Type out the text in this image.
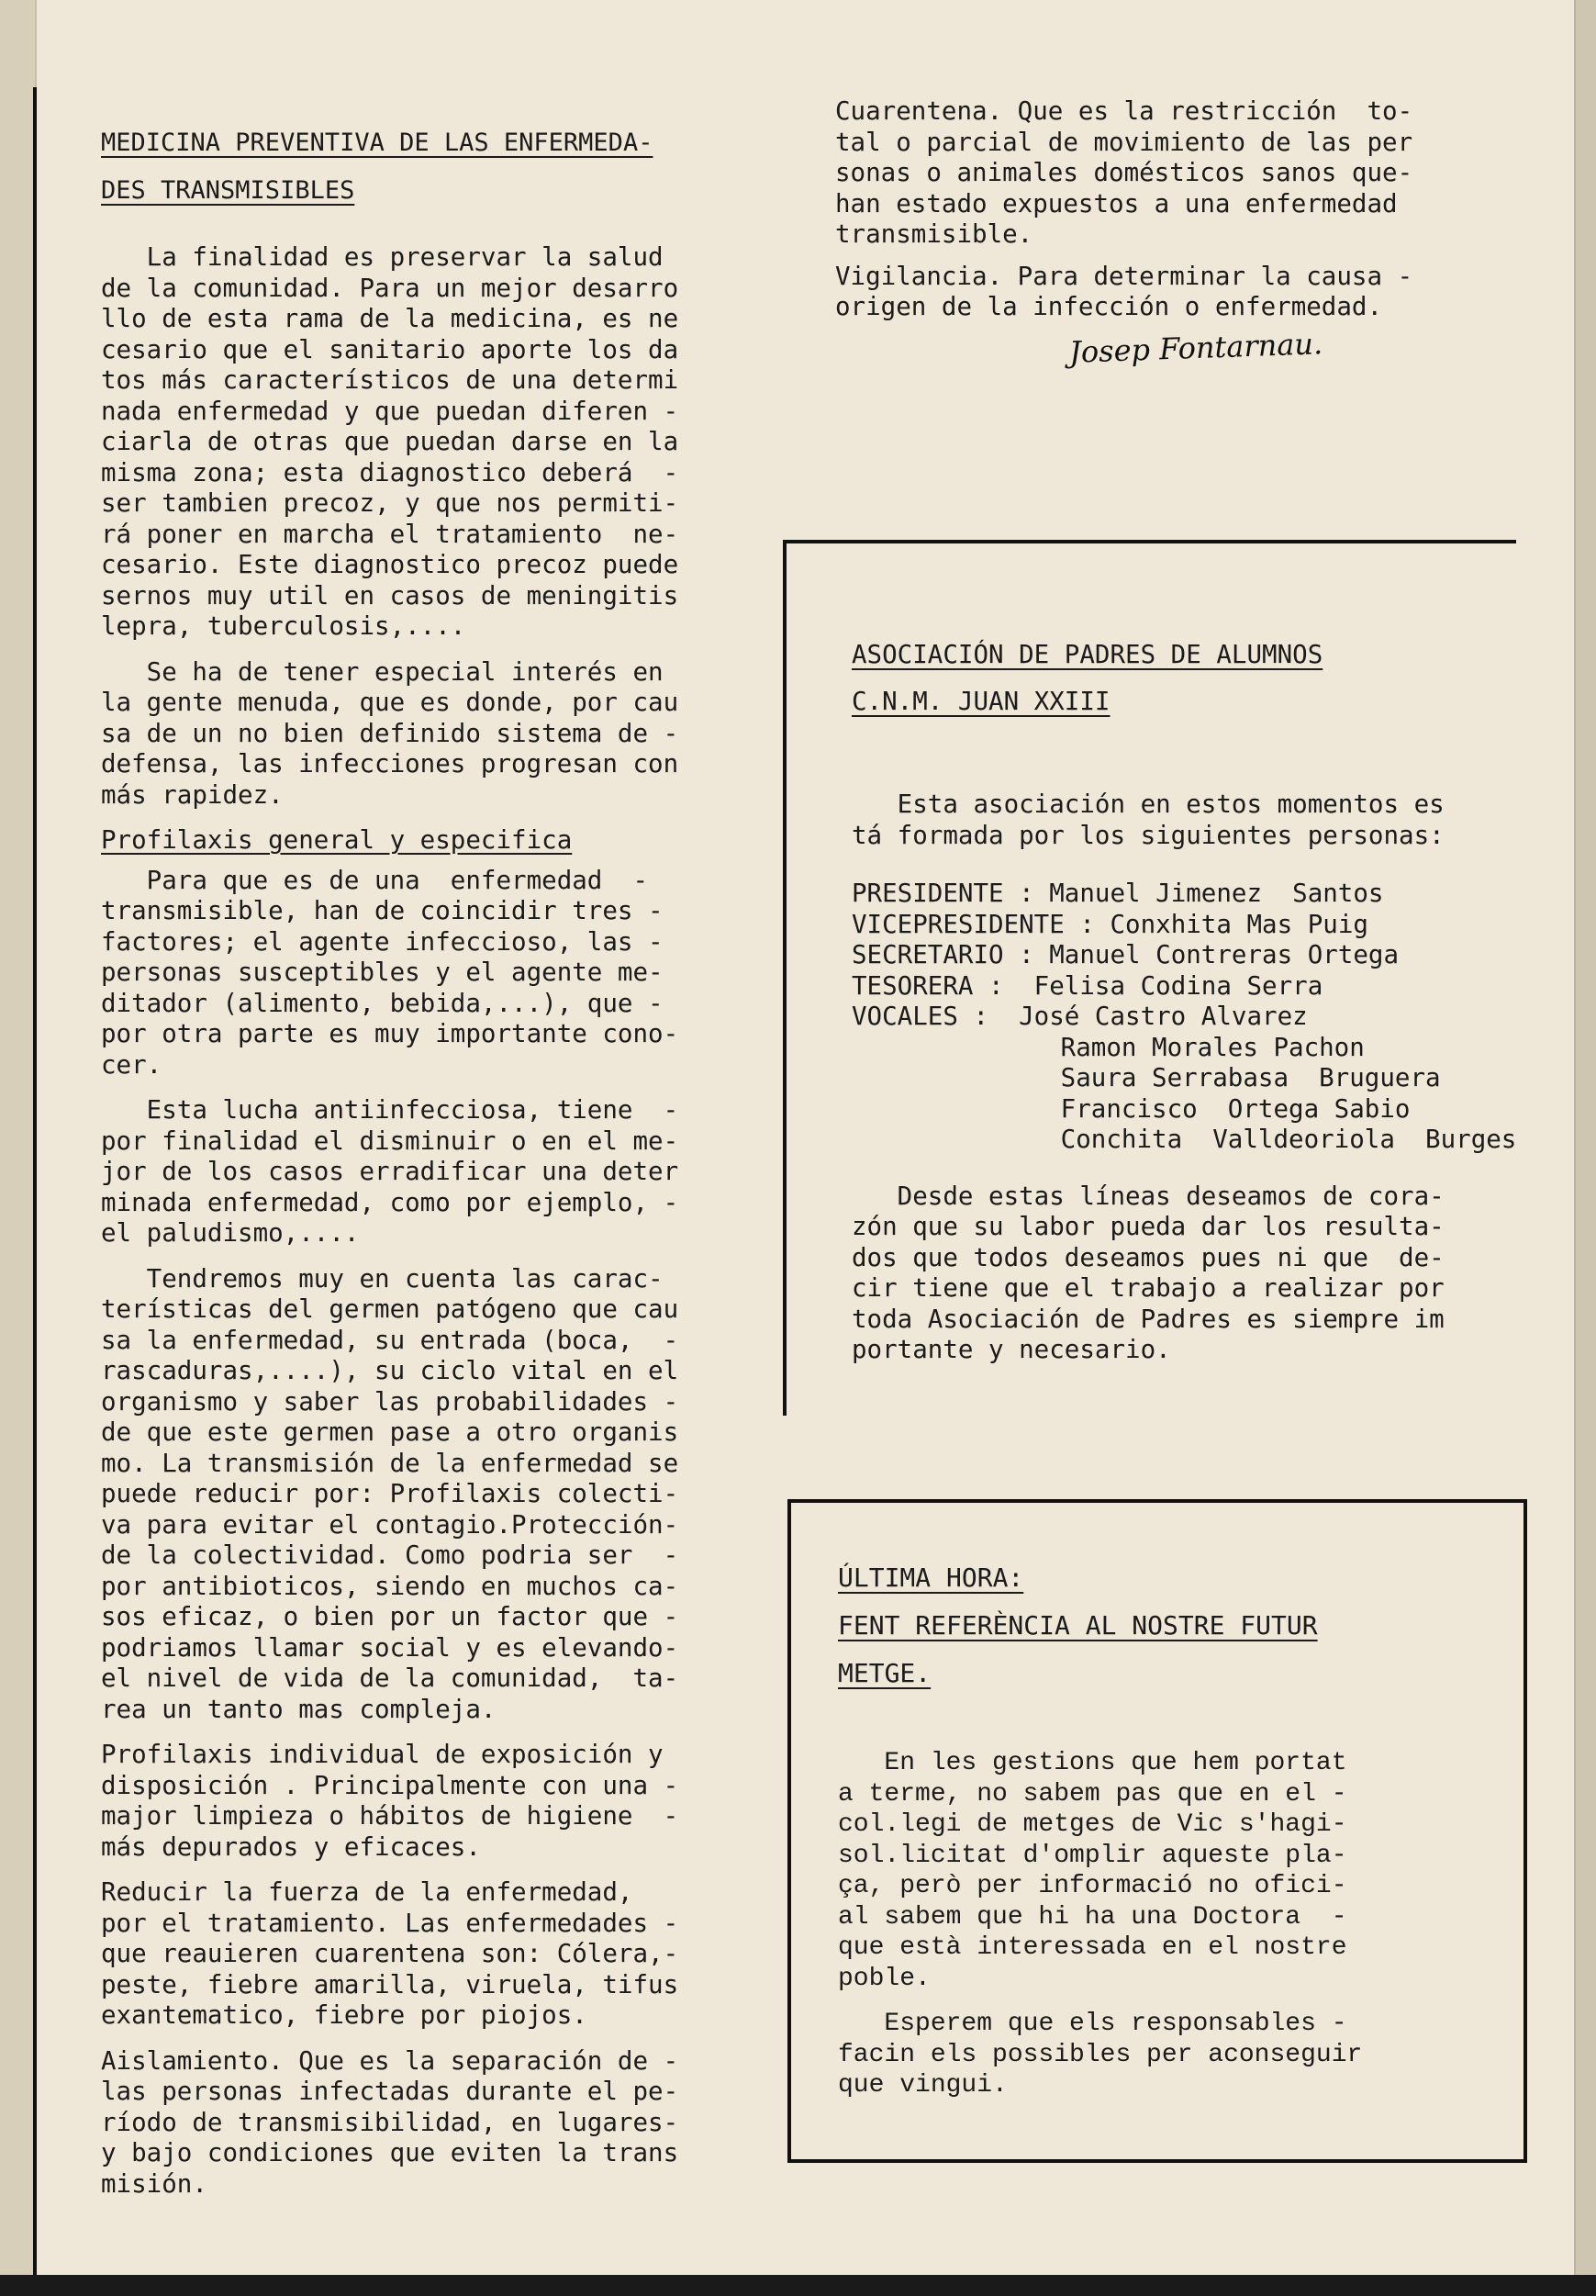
MEDICINA PREVENTIVA DE LAS ENFERMEDA-
DES TRANSMISIBLES

La finalidad es preservar la salud
de la comunidad. Para un mejor desarro
llo de esta rama de la medicina, es ne
cesario que el sanitario aporte los da
tos más característicos de una determi
nada enfermedad y que puedan diferen -
ciarla de otras que puedan darse en la
misma zona; esta diagnostico deberá  -
ser tambien precoz, y que nos permiti-
rá poner en marcha el tratamiento  ne-
cesario. Este diagnostico precoz puede
sernos muy util en casos de meningitis
lepra, tuberculosis,....

Se ha de tener especial interés en
la gente menuda, que es donde, por cau
sa de un no bien definido sistema de -
defensa, las infecciones progresan con
más rapidez.

Profilaxis general y especifica

Para que es de una  enfermedad  -
transmisible, han de coincidir tres -
factores; el agente infeccioso, las -
personas susceptibles y el agente me-
ditador (alimento, bebida,...), que -
por otra parte es muy importante cono-
cer.

Esta lucha antiinfecciosa, tiene  -
por finalidad el disminuir o en el me-
jor de los casos erradificar una deter
minada enfermedad, como por ejemplo, -
el paludismo,....

Tendremos muy en cuenta las carac-
terísticas del germen patógeno que cau
sa la enfermedad, su entrada (boca,  -
rascaduras,....), su ciclo vital en el
organismo y saber las probabilidades -
de que este germen pase a otro organis
mo. La transmisión de la enfermedad se
puede reducir por: Profilaxis colecti-
va para evitar el contagio.Protección-
de la colectividad. Como podria ser  -
por antibioticos, siendo en muchos ca-
sos eficaz, o bien por un factor que -
podriamos llamar social y es elevando-
el nivel de vida de la comunidad,  ta-
rea un tanto mas compleja.

Profilaxis individual de exposición y
disposición . Principalmente con una -
major limpieza o hábitos de higiene  -
más depurados y eficaces.

Reducir la fuerza de la enfermedad,
por el tratamiento. Las enfermedades -
que reauieren cuarentena son: Cólera,-
peste, fiebre amarilla, viruela, tifus
exantematico, fiebre por piojos.

Aislamiento. Que es la separación de -
las personas infectadas durante el pe-
ríodo de transmisibilidad, en lugares-
y bajo condiciones que eviten la trans
misión.

Cuarentena. Que es la restricción  to-
tal o parcial de movimiento de las per
sonas o animales domésticos sanos que-
han estado expuestos a una enfermedad
transmisible.

Vigilancia. Para determinar la causa -
origen de la infección o enfermedad.

Josep Fontarnau.
ASOCIACIÓN DE PADRES DE ALUMNOS
C.N.M. JUAN XXIII

Esta asociación en estos momentos es
tá formada por los siguientes personas:

PRESIDENTE : Manuel Jimenez  Santos
VICEPRESIDENTE : Conxhita Mas Puig
SECRETARIO : Manuel Contreras Ortega
TESORERA :  Felisa Codina Serra
VOCALES :  José Castro Alvarez
Ramon Morales Pachon
Saura Serrabasa  Bruguera
Francisco  Ortega Sabio
Conchita  Valldeoriola  Burges

Desde estas líneas deseamos de cora-
zón que su labor pueda dar los resulta-
dos que todos deseamos pues ni que  de-
cir tiene que el trabajo a realizar por
toda Asociación de Padres es siempre im
portante y necesario.

ÚLTIMA HORA:
FENT REFERÈNCIA AL NOSTRE FUTUR
METGE.

En les gestions que hem portat
a terme, no sabem pas que en el -
col.legi de metges de Vic s'hagi-
sol.licitat d'omplir aqueste pla-
ça, però per informació no ofici-
al sabem que hi ha una Doctora  -
que està interessada en el nostre
poble.

Esperem que els responsables -
facin els possibles per aconseguir
que vingui.
